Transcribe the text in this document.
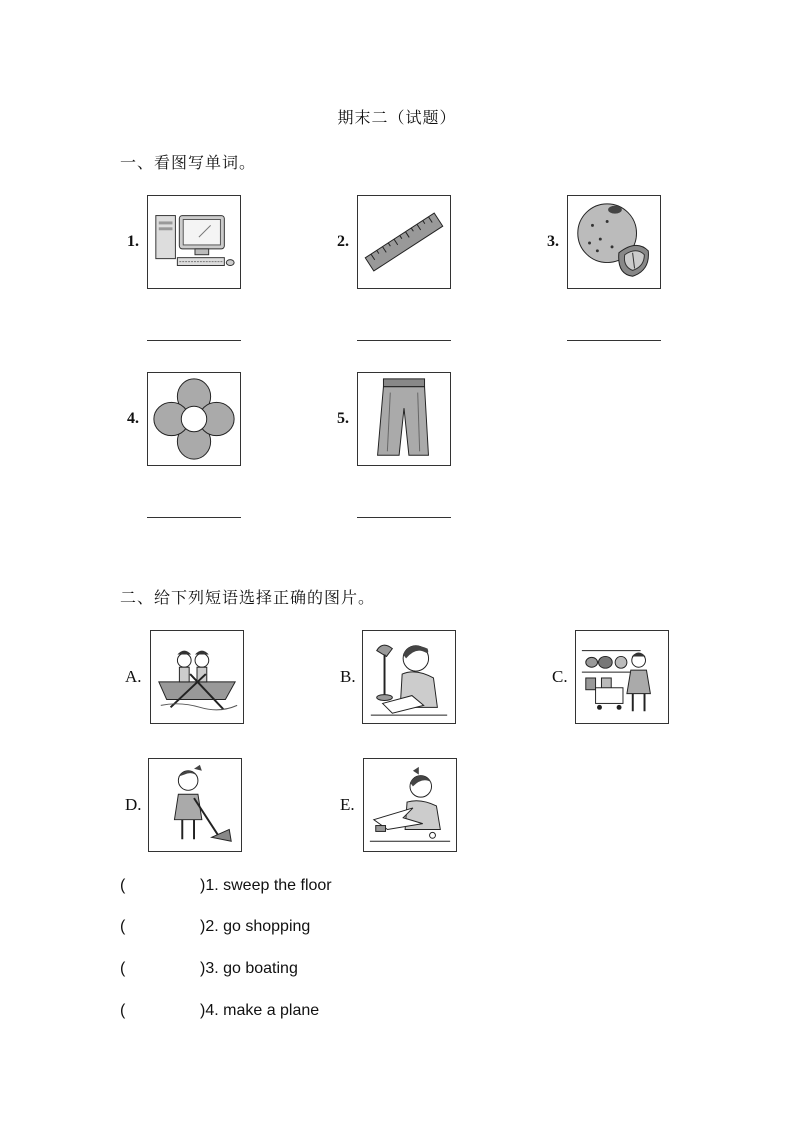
期末二（试题）
一、看图写单词。
1.	2.	3.
4.	5.
二、给下列短语选择正确的图片。
A.	B.	C.
D.	E.
(	)1. sweep the floor
(	)2. go shopping
(	)3. go boating
(	)4. make a plane
